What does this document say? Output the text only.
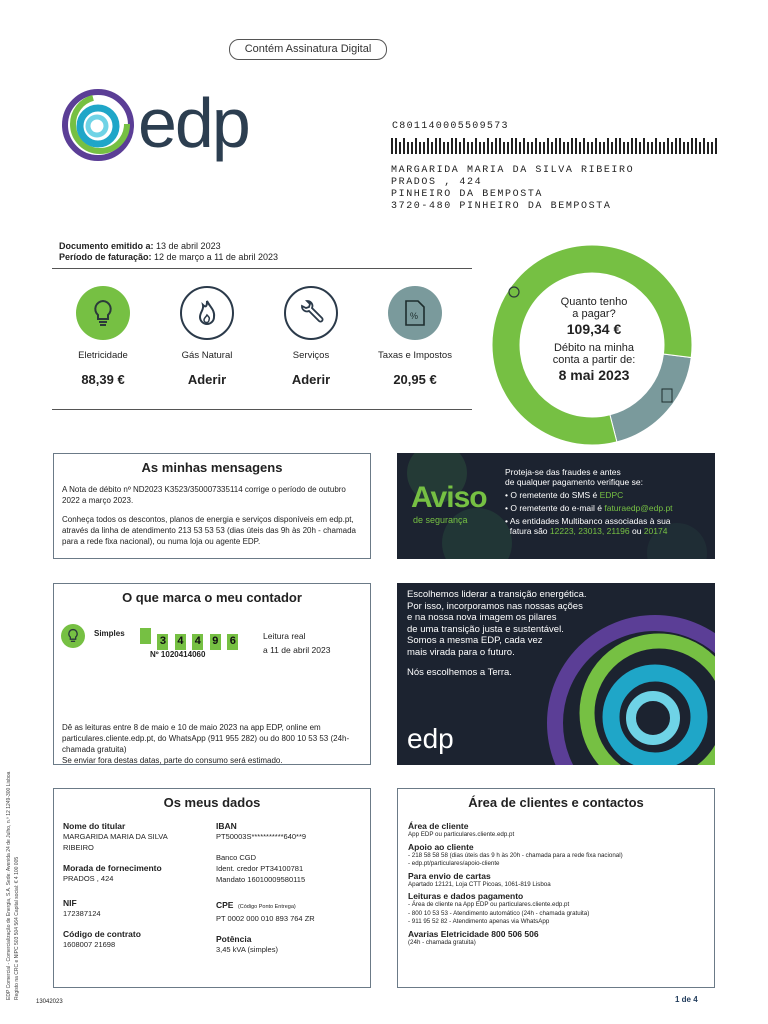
Contém Assinatura Digital
edp	C801140005509573
MARGARIDA MARIA DA SILVA RIBEIRO
PRADOS , 424
PINHEIRO DA BEMPOSTA
3720-480 PINHEIRO DA BEMPOSTA
Documento emitido a: 13 de abril 2023
Período de faturação: 12 de março a 11 de abril 2023
Eletricidade
88,39 €
Gás Natural
Aderir
Serviços
Aderir
%
Taxas e Impostos
20,95 €
Quanto tenho
a pagar?
109,34 €
Débito na minha
conta a partir de:
8 mai 2023
EDP Comercial - Comercialização de Energia, S.A. Sede: Avenida 24 de Julho, n.º 12 1249-300 Lisboa Registo na CRC e NIPC 503 504 564 Capital social: € 4 100 005
As minhas mensagens
A Nota de débito nº ND2023 K3523/350007335114 corrige o período de outubro 2022 a março 2023.
Conheça todos os descontos, planos de energia e serviços disponíveis em edp.pt, através da linha de atendimento 213 53 53 53 (dias úteis das 9h às 20h - chamada para a rede fixa nacional), ou numa loja ou agente EDP.
Aviso
de segurança
Proteja-se das fraudes e antes
de qualquer pagamento verifique se:
• O remetente do SMS é EDPC
• O remetente do e-mail é faturaedp@edp.pt
• As entidades Multibanco associadas à sua
fatura são 12223, 23013, 21196 ou 20174
O que marca o meu contador
Simples
3 4 4 9 6
Nº 1020414060
Leitura real
a 11 de abril 2023
Dê as leituras entre 8 de maio e 10 de maio 2023 na app EDP, online em particulares.cliente.edp.pt, do WhatsApp (911 955 282) ou do 800 10 53 53 (24h- chamada gratuita)
Se enviar fora destas datas, parte do consumo será estimado.
Escolhemos liderar a transição energética.
Por isso, incorporamos nas nossas ações
e na nossa nova imagem os pilares
de uma transição justa e sustentável.
Somos a mesma EDP, cada vez
mais virada para o futuro.
Nós escolhemos a Terra.
edp
Os meus dados
Nome do titular
MARGARIDA MARIA DA SILVA
RIBEIRO
Morada de fornecimento
PRADOS , 424
NIF
172387124
Código de contrato
1608007 21698
IBAN
PT50003S***********640**9
Banco CGD
Ident. credor PT34100781
Mandato 16010009580115
CPE (Código Ponto Entrega)
PT 0002 000 010 893 764 ZR
Potência
3,45 kVA (simples)
Área de clientes e contactos
Área de cliente
App EDP ou particulares.cliente.edp.pt
Apoio ao cliente
- 218 58 58 58 (dias úteis das 9 h às 20h - chamada para a rede fixa nacional)
- edp.pt/particulares/apoio-cliente
Para envio de cartas
Apartado 12121, Loja CTT Picoas, 1061-819 Lisboa
Leituras e dados pagamento
- Área de cliente na App EDP ou particulares.cliente.edp.pt
- 800 10 53 53 - Atendimento automático (24h - chamada gratuita)
- 911 95 52 82 - Atendimento apenas via WhatsApp
Avarias Eletricidade 800 506 506
(24h - chamada gratuita)
13042023	1 de 4
